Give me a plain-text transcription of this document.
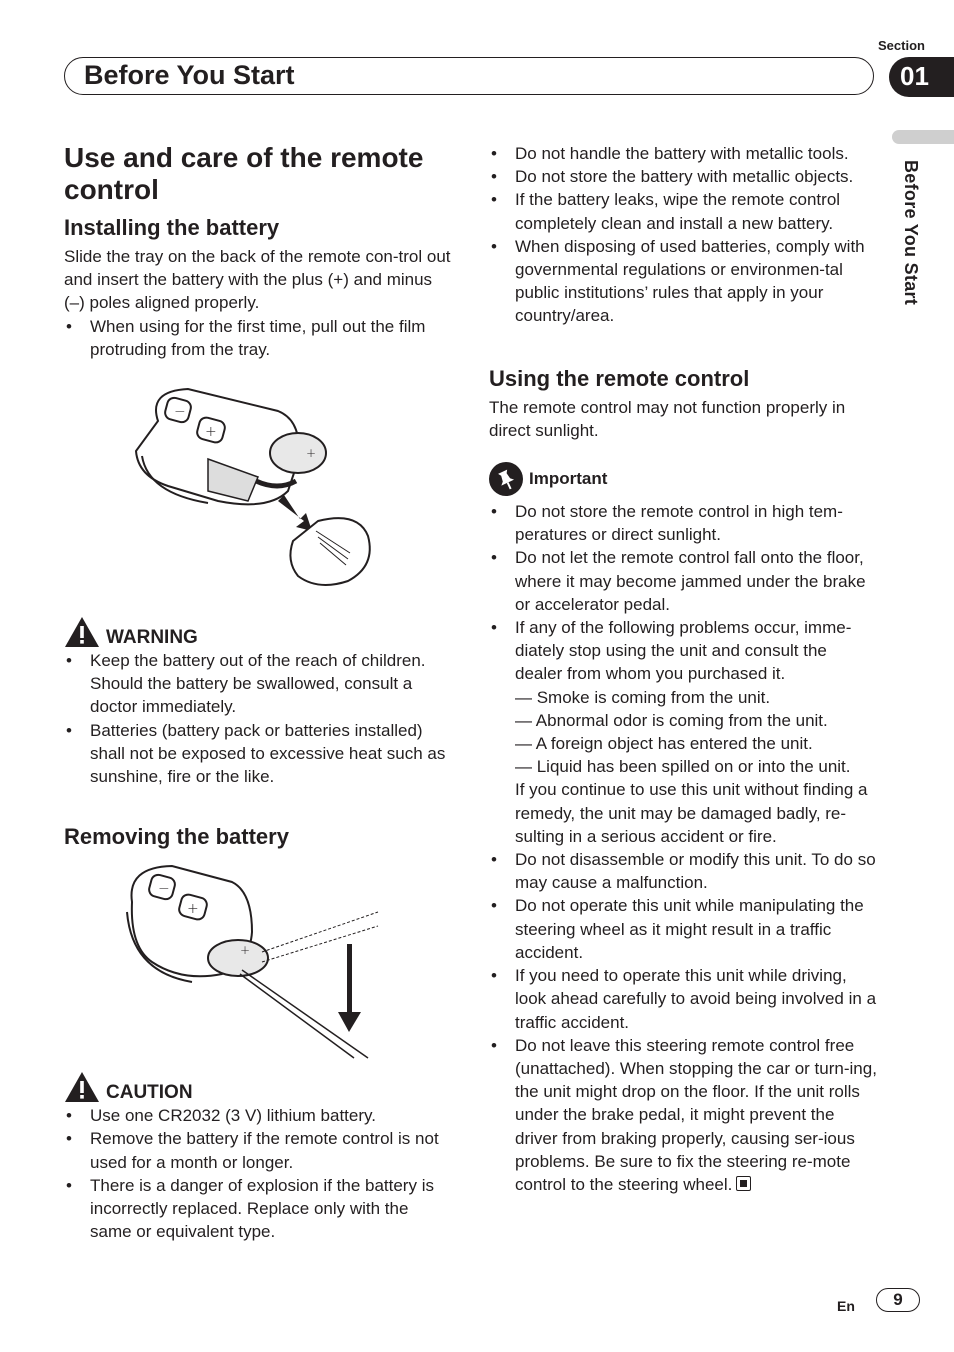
Section
Before You Start	01
Before You Start
Use and care of the remote control
Installing the battery

Slide the tray on the back of the remote con-trol out and insert the battery with the plus (+) and minus (–) poles aligned properly.

• When using for the first time, pull out the film protruding from the tray.
−
+
+
WARNING
• Keep the battery out of the reach of children. Should the battery be swallowed, consult a doctor immediately.
• Batteries (battery pack or batteries installed) shall not be exposed to excessive heat such as sunshine, fire or the like.
Removing the battery
−
+
+
CAUTION
• Use one CR2032 (3 V) lithium battery.
• Remove the battery if the remote control is not used for a month or longer.
• There is a danger of explosion if the battery is incorrectly replaced. Replace only with the same or equivalent type.
• Do not handle the battery with metallic tools.
• Do not store the battery with metallic objects.
• If the battery leaks, wipe the remote control completely clean and install a new battery.
• When disposing of used batteries, comply with governmental regulations or environmen-tal public institutions’ rules that apply in your country/area.
Using the remote control

The remote control may not function properly in direct sunlight.

Important
• Do not store the remote control in high tem-peratures or direct sunlight.
• Do not let the remote control fall onto the floor, where it may become jammed under the brake or accelerator pedal.
• If any of the following problems occur, imme-diately stop using the unit and consult the dealer from whom you purchased it.
— Smoke is coming from the unit.
— Abnormal odor is coming from the unit.
— A foreign object has entered the unit.
— Liquid has been spilled on or into the unit.
If you continue to use this unit without finding a remedy, the unit may be damaged badly, re-sulting in a serious accident or fire.
• Do not disassemble or modify this unit. To do so may cause a malfunction.
• Do not operate this unit while manipulating the steering wheel as it might result in a traffic accident.
• If you need to operate this unit while driving, look ahead carefully to avoid being involved in a traffic accident.
• Do not leave this steering remote control free (unattached). When stopping the car or turn-ing, the unit might drop on the floor. If the unit rolls under the brake pedal, it might prevent the driver from braking properly, causing ser-ious problems. Be sure to fix the steering re-mote control to the steering wheel.
En	9
